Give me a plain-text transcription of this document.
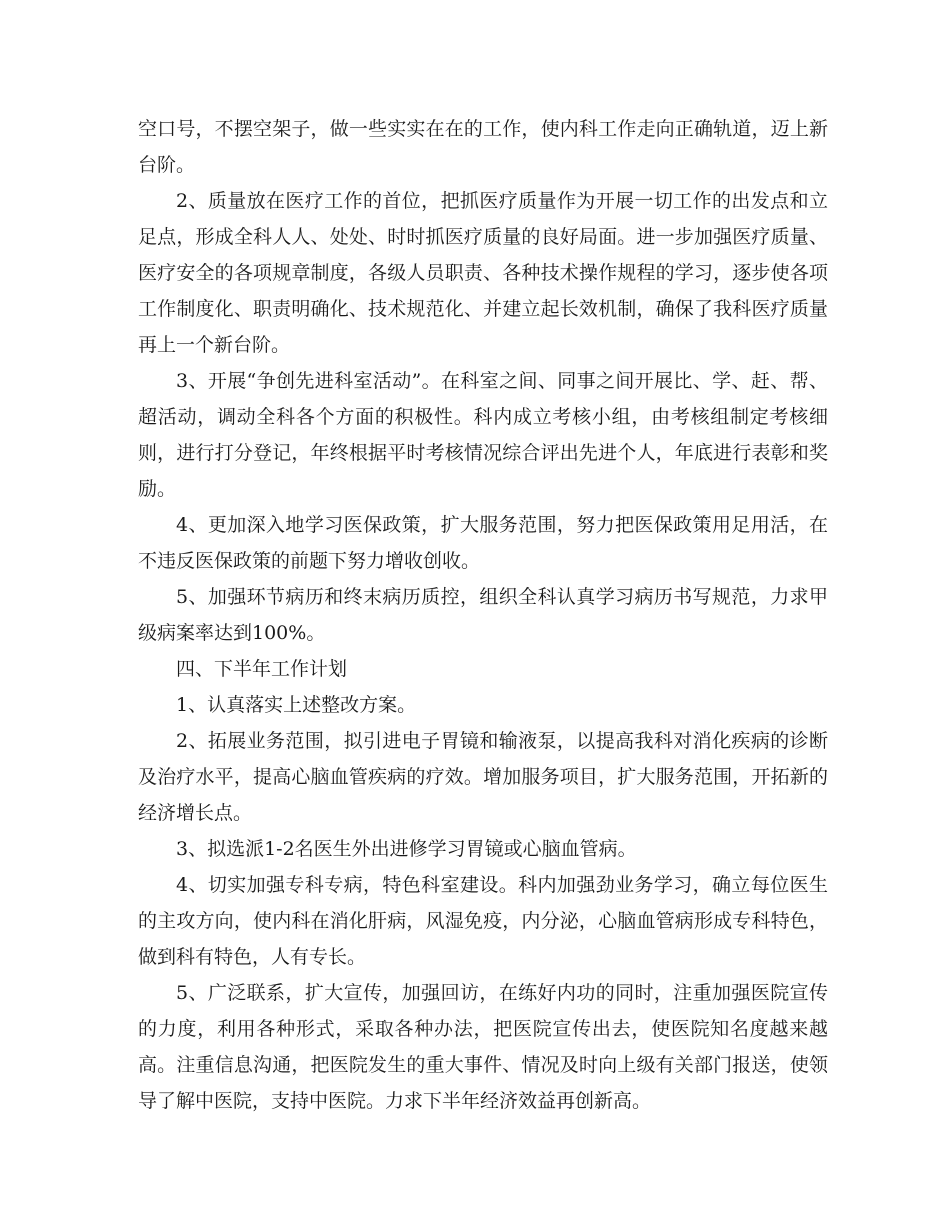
空口号，不摆空架子，做一些实实在在的工作，使内科工作走向正确轨道，迈上新台阶。

2、质量放在医疗工作的首位，把抓医疗质量作为开展一切工作的出发点和立足点，形成全科人人、处处、时时抓医疗质量的良好局面。进一步加强医疗质量、医疗安全的各项规章制度，各级人员职责、各种技术操作规程的学习，逐步使各项工作制度化、职责明确化、技术规范化、并建立起长效机制，确保了我科医疗质量再上一个新台阶。

3、开展“争创先进科室活动”。在科室之间、同事之间开展比、学、赶、帮、超活动，调动全科各个方面的积极性。科内成立考核小组，由考核组制定考核细则，进行打分登记，年终根据平时考核情况综合评出先进个人，年底进行表彰和奖励。

4、更加深入地学习医保政策，扩大服务范围，努力把医保政策用足用活，在不违反医保政策的前题下努力增收创收。

5、加强环节病历和终末病历质控，组织全科认真学习病历书写规范，力求甲级病案率达到100%。

四、下半年工作计划

1、认真落实上述整改方案。

2、拓展业务范围，拟引进电子胃镜和输液泵，以提高我科对消化疾病的诊断及治疗水平，提高心脑血管疾病的疗效。增加服务项目，扩大服务范围，开拓新的经济增长点。

3、拟选派1-2名医生外出进修学习胃镜或心脑血管病。

4、切实加强专科专病，特色科室建设。科内加强劲业务学习，确立每位医生的主攻方向，使内科在消化肝病，风湿免疫，内分泌，心脑血管病形成专科特色，做到科有特色，人有专长。

5、广泛联系，扩大宣传，加强回访，在练好内功的同时，注重加强医院宣传的力度，利用各种形式，采取各种办法，把医院宣传出去，使医院知名度越来越高。注重信息沟通，把医院发生的重大事件、情况及时向上级有关部门报送，使领导了解中医院，支持中医院。力求下半年经济效益再创新高。
